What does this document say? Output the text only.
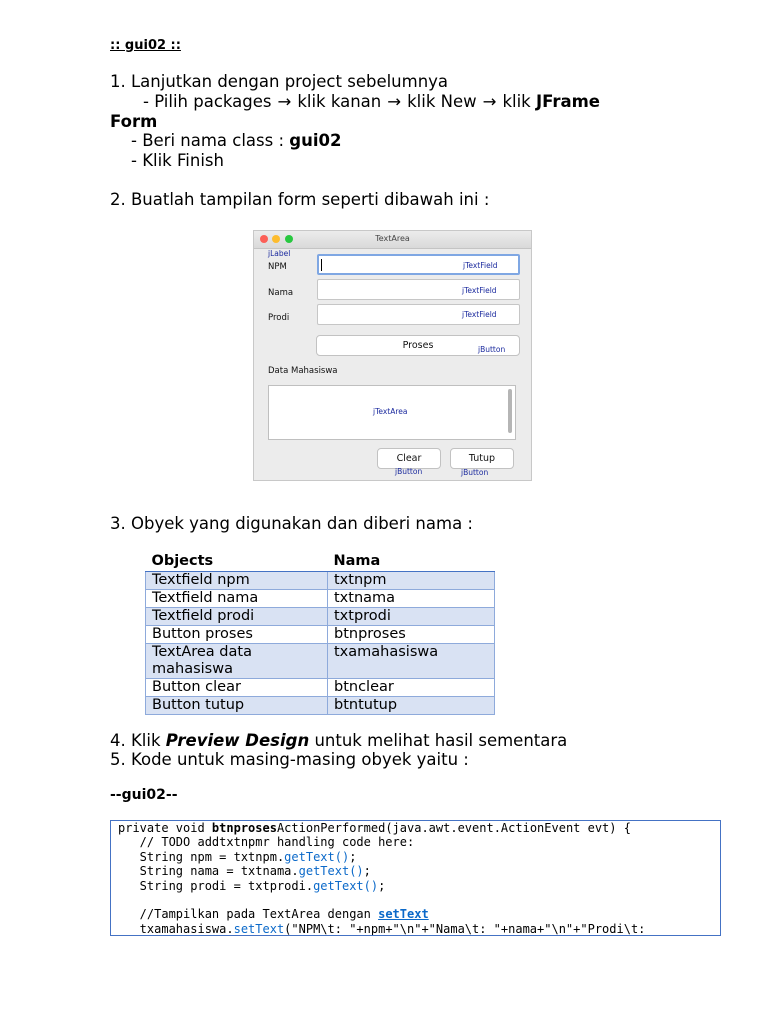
:: gui02 ::
1. Lanjutkan dengan project sebelumnya
- Pilih packages → klik kanan → klik New → klik JFrame
Form
- Beri nama class : gui02
- Klik Finish
2. Buatlah tampilan form seperti dibawah ini :
TextArea
jLabel
NPM	jTextField
Nama	jTextField
Prodi	jTextField
Proses	jButton
Data Mahasiswa
jTextArea
Clear
jButton
Tutup
jButton
3. Obyek yang digunakan dan diberi nama :
Objects	Nama
Textfield npm	txtnpm
Textfield nama	txtnama
Textfield prodi	txtprodi
Button proses	btnproses
TextArea data mahasiswa	txamahasiswa
Button clear	btnclear
Button tutup	btntutup
4. Klik Preview Design untuk melihat hasil sementara
5. Kode untuk masing-masing obyek yaitu :
--gui02--
private void btnprosesActionPerformed(java.awt.event.ActionEvent evt) {
// TODO addtxtnpmr handling code here:
String npm = txtnpm.getText();
String nama = txtnama.getText();
String prodi = txtprodi.getText();

//Tampilkan pada TextArea dengan setText
txamahasiswa.setText("NPM\t: "+npm+"\n"+"Nama\t: "+nama+"\n"+"Prodi\t:
